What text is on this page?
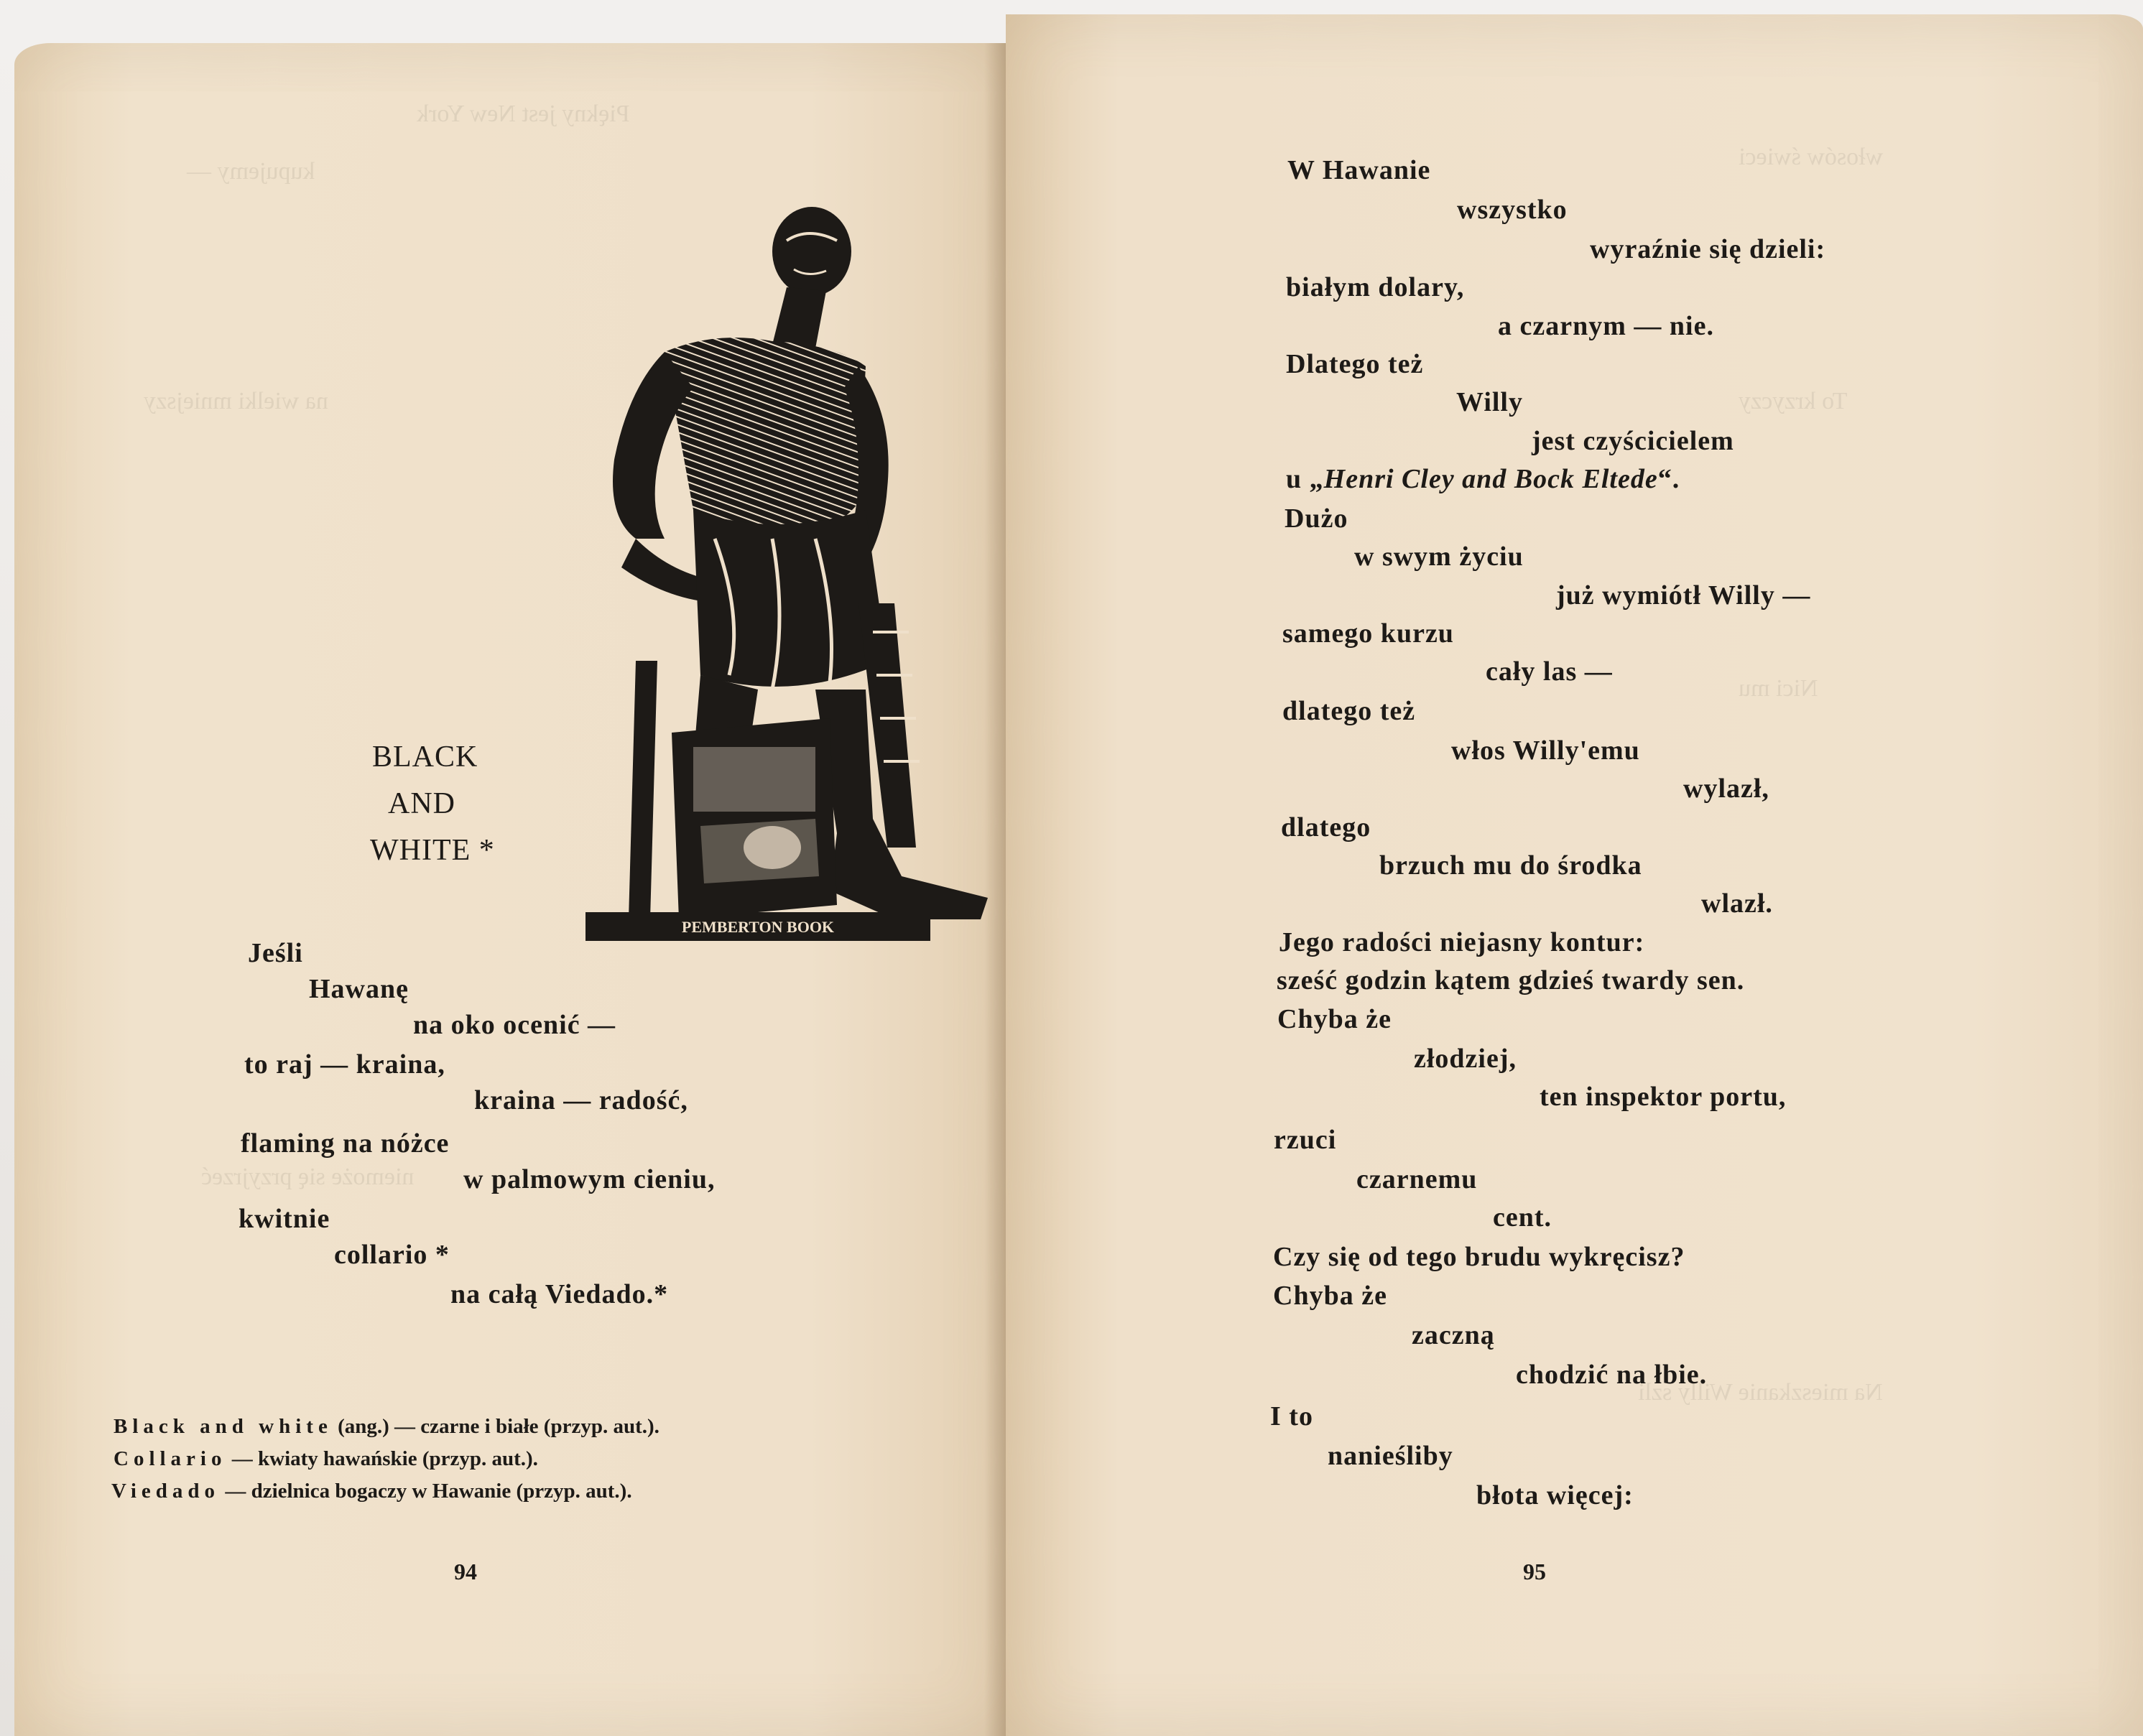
Piękny jest New York
kupujemy —
na wielki mniejszy
niemoże się przyjrzeć
PEMBERTON BOOK
BLACK
AND
WHITE *
Jeśli
Hawanę
na oko ocenić —
to raj — kraina,
kraina — radość,
flaming na nóżce
w palmowym cieniu,
kwitnie
collario *
na całą Viedado.*
Black and white (ang.) — czarne i białe (przyp. aut.).
Collario — kwiaty hawańskie (przyp. aut.).
Viedado — dzielnica bogaczy w Hawanie (przyp. aut.).
94
włosów świeci
To krzyczy
Nici mu
Na mieszkanie Willy szli
W Hawanie
wszystko
wyraźnie się dzieli:
białym dolary,
a czarnym — nie.
Dlatego też
Willy
jest czyścicielem
u „Henri Cley and Bock Eltede“.
Dużo
w swym życiu
już wymiótł Willy —
samego kurzu
cały las —
dlatego też
włos Willy'emu
wylazł,
dlatego
brzuch mu do środka
wlazł.
Jego radości niejasny kontur:
sześć godzin kątem gdzieś twardy sen.
Chyba że
złodziej,
ten inspektor portu,
rzuci
czarnemu
cent.
Czy się od tego brudu wykręcisz?
Chyba że
zaczną
chodzić na łbie.
I to
nanieśliby
błota więcej:
95
